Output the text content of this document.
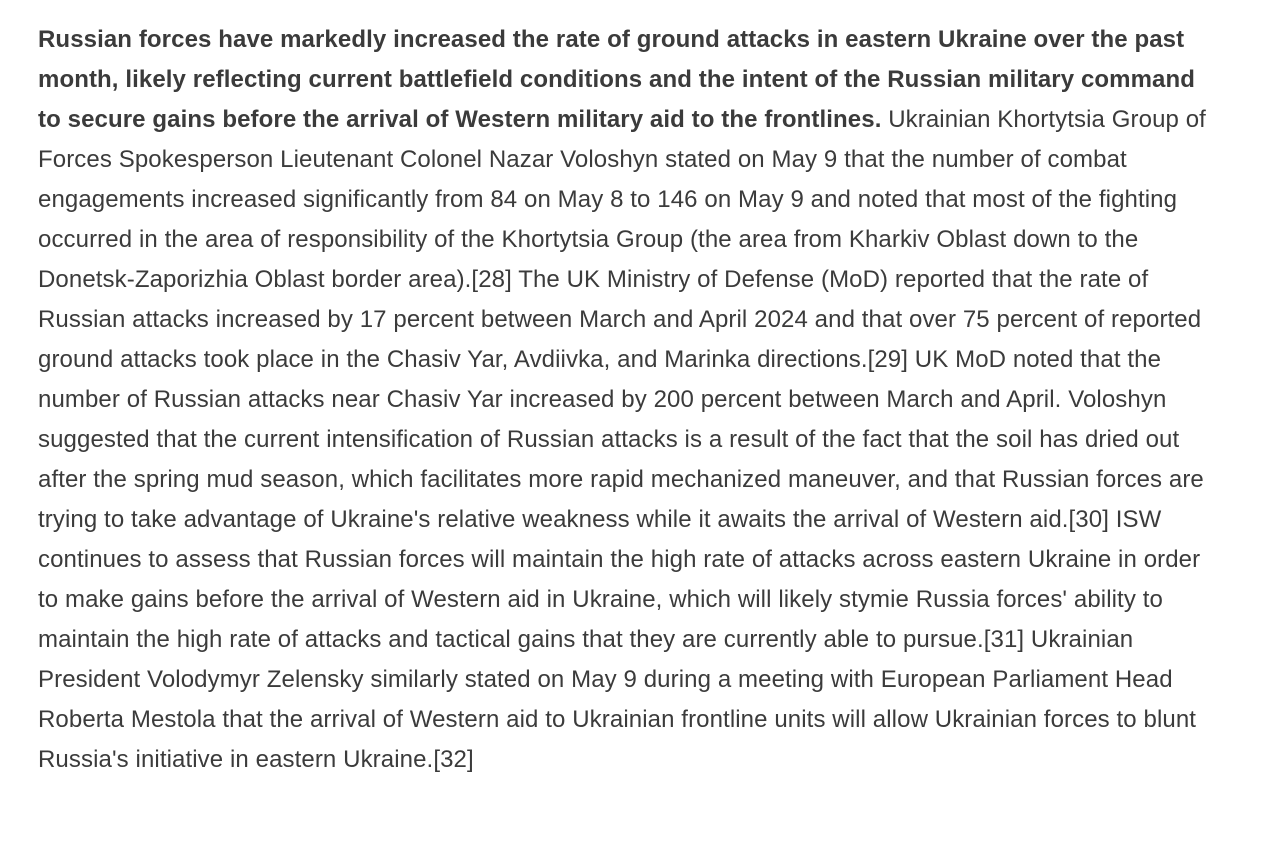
Russian forces have markedly increased the rate of ground attacks in eastern Ukraine over the past month, likely reflecting current battlefield conditions and the intent of the Russian military command to secure gains before the arrival of Western military aid to the frontlines. Ukrainian Khortytsia Group of Forces Spokesperson Lieutenant Colonel Nazar Voloshyn stated on May 9 that the number of combat engagements increased significantly from 84 on May 8 to 146 on May 9 and noted that most of the fighting occurred in the area of responsibility of the Khortytsia Group (the area from Kharkiv Oblast down to the Donetsk-Zaporizhia Oblast border area).[28] The UK Ministry of Defense (MoD) reported that the rate of Russian attacks increased by 17 percent between March and April 2024 and that over 75 percent of reported ground attacks took place in the Chasiv Yar, Avdiivka, and Marinka directions.[29] UK MoD noted that the number of Russian attacks near Chasiv Yar increased by 200 percent between March and April. Voloshyn suggested that the current intensification of Russian attacks is a result of the fact that the soil has dried out after the spring mud season, which facilitates more rapid mechanized maneuver, and that Russian forces are trying to take advantage of Ukraine's relative weakness while it awaits the arrival of Western aid.[30] ISW continues to assess that Russian forces will maintain the high rate of attacks across eastern Ukraine in order to make gains before the arrival of Western aid in Ukraine, which will likely stymie Russia forces' ability to maintain the high rate of attacks and tactical gains that they are currently able to pursue.[31] Ukrainian President Volodymyr Zelensky similarly stated on May 9 during a meeting with European Parliament Head Roberta Mestola that the arrival of Western aid to Ukrainian frontline units will allow Ukrainian forces to blunt Russia's initiative in eastern Ukraine.[32]
